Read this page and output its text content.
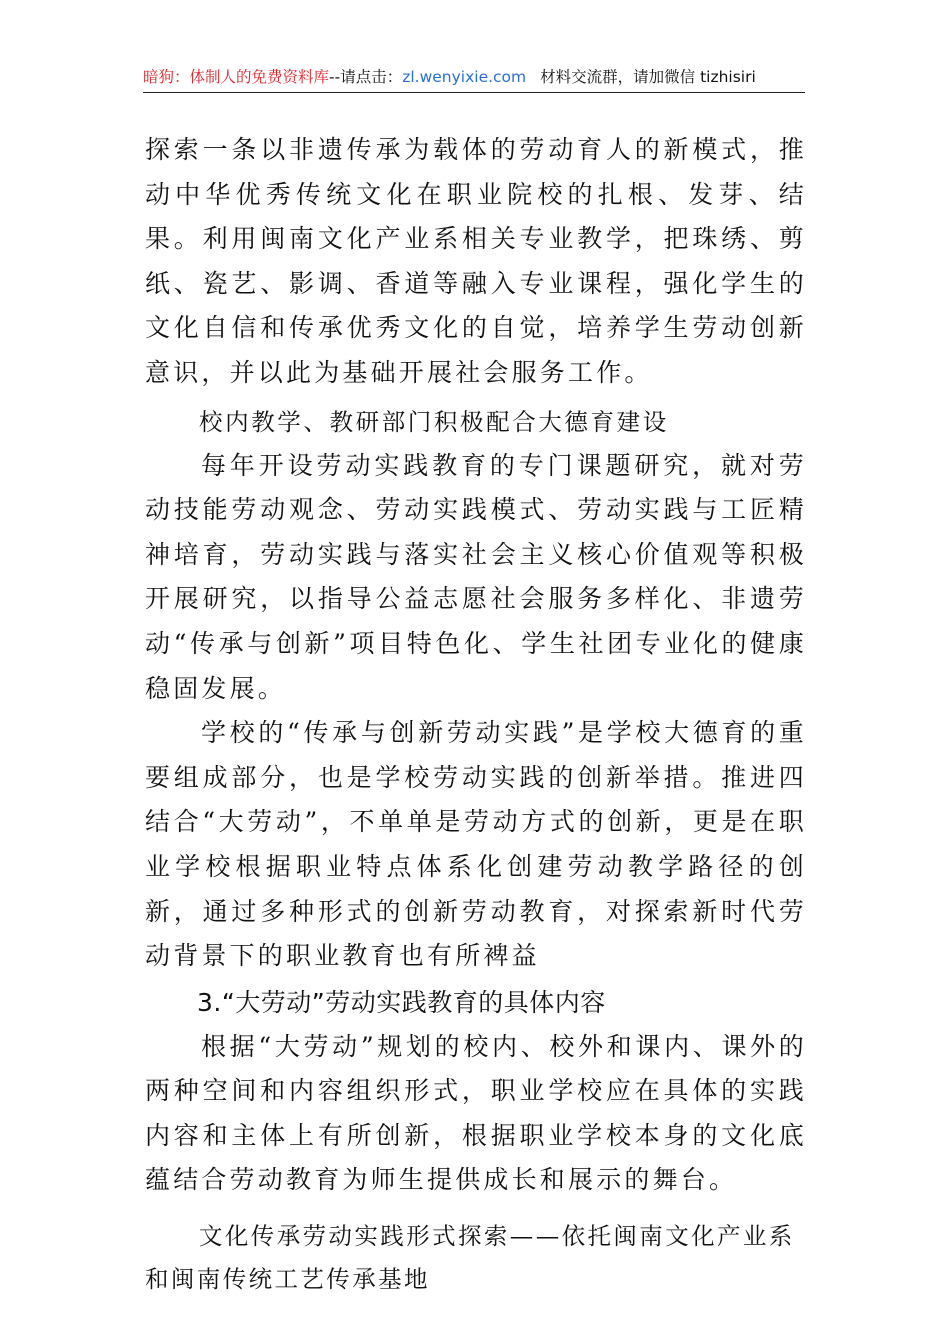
暗狗：体制人的免费资料库--请点击：zl.wenyixie.com 材料交流群，请加微信 tizhisiri

探索一条以非遗传承为载体的劳动育人的新模式，推动中华优秀传统文化在职业院校的扎根、发芽、结果。利用闽南文化产业系相关专业教学，把珠绣、剪纸、瓷艺、影调、香道等融入专业课程，强化学生的文化自信和传承优秀文化的自觉，培养学生劳动创新意识，并以此为基础开展社会服务工作。

校内教学、教研部门积极配合大德育建设

每年开设劳动实践教育的专门课题研究，就对劳动技能劳动观念、劳动实践模式、劳动实践与工匠精神培育，劳动实践与落实社会主义核心价值观等积极开展研究，以指导公益志愿社会服务多样化、非遗劳动“传承与创新”项目特色化、学生社团专业化的健康稳固发展。

学校的“传承与创新劳动实践”是学校大德育的重要组成部分，也是学校劳动实践的创新举措。推进四结合“大劳动”，不单单是劳动方式的创新，更是在职业学校根据职业特点体系化创建劳动教学路径的创新，通过多种形式的创新劳动教育，对探索新时代劳动背景下的职业教育也有所裨益

3.“大劳动”劳动实践教育的具体内容

根据“大劳动”规划的校内、校外和课内、课外的两种空间和内容组织形式，职业学校应在具体的实践内容和主体上有所创新，根据职业学校本身的文化底蕴结合劳动教育为师生提供成长和展示的舞台。

文化传承劳动实践形式探索——依托闽南文化产业系和闽南传统工艺传承基地
